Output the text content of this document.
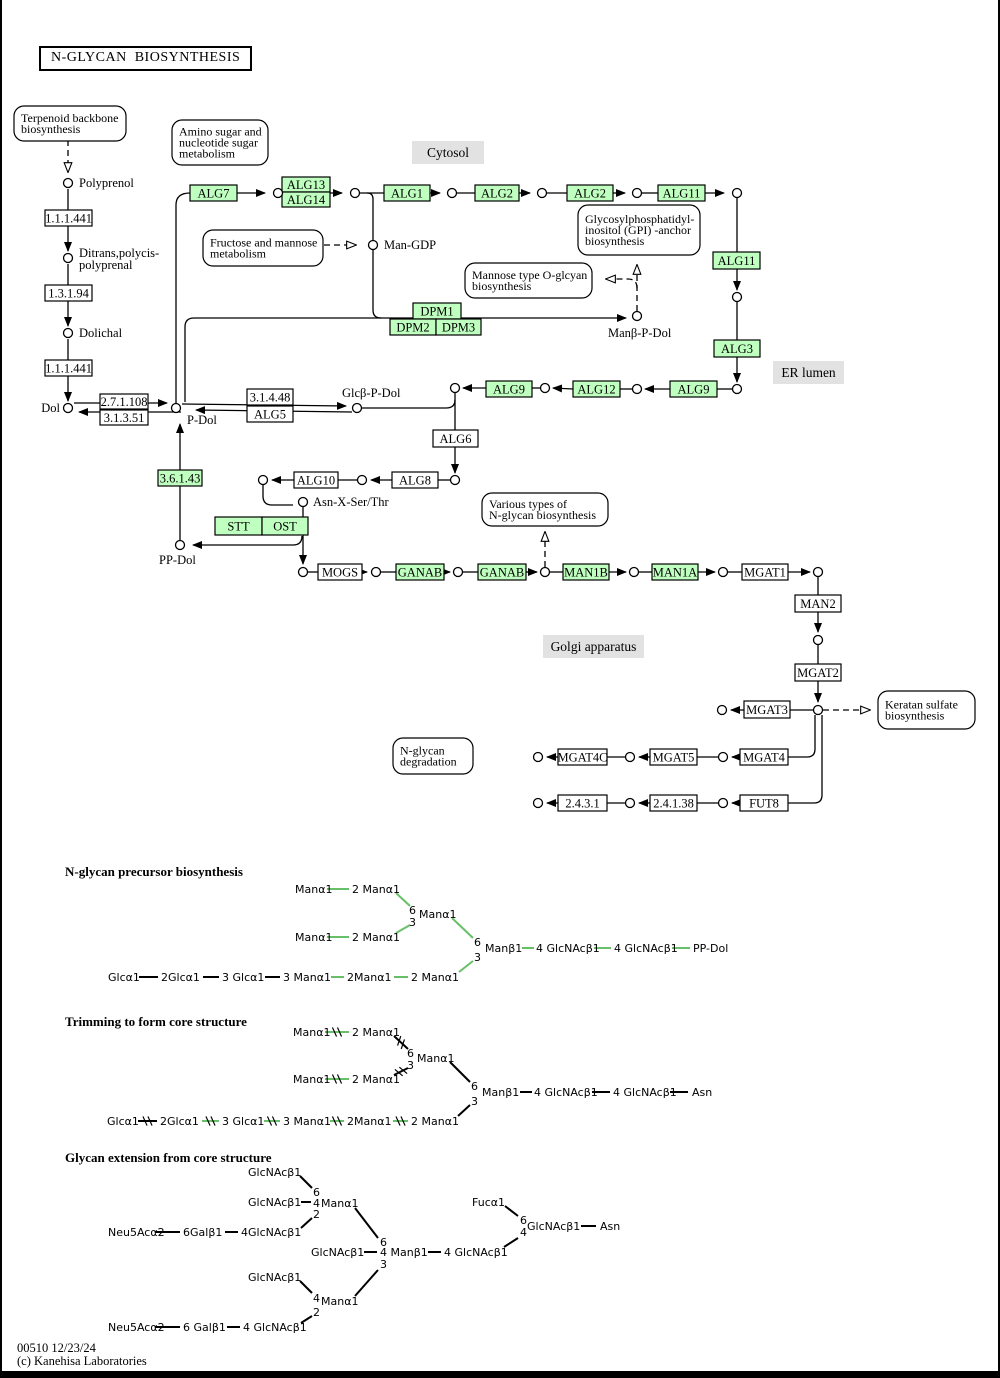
N-glycan precursor biosynthesis
Manα1 2 Manα1
6
3
Manα1
Manα1 2 Manα1	6
3
Manβ1
Glcα1 2Glcα1 3 Glcα1 3 Manα1 2Manα1 2 Manα1
4 GlcNAcβ1 4 GlcNAcβ1 PP-Dol
Trimming to form core structure
Manα1 2 Manα1
6
3
Manα1
Manα1 2 Manα1
6
3
Manβ1
Glcα1 2Glcα1 3 Glcα1 3 Manα1 2Manα1 2 Manα1
4 GlcNAcβ1 4 GlcNAcβ1 Asn
Glycan extension from core structure
GlcNAcβ1
GlcNAcβ1
6
4 Manα1
2
Neu5Acα2 6Galβ1 4GlcNAcβ1
GlcNAcβ1
6
4 Manβ1
3
4 GlcNAcβ1
Fucα1
6
4 GlcNAcβ1 Asn
GlcNAcβ1
4 Manα1
2
Neu5Acα2 6 Galβ1 4 GlcNAcβ1
Cytosol
ER lumen
Golgi apparatus
Terpenoid backbone
biosynthesis	Amino sugar and
nucleotide sugar
metabolism
Fructose and mannose
metabolism
Glycosylphosphatidyl-
inositol (GPI) -anchor
biosynthesis
Mannose type O-glcyan
biosynthesis
Various types of
N-glycan biosynthesis
Keratan sulfate
biosynthesis
N-glycan
degradation
ALG7
ALG13
ALG14	ALG1	ALG2	ALG2	ALG11
ALG11
ALG3
ALG9
ALG12
ALG9
DPM1
DPM2 DPM3
3.6.1.43
STT OST
GANAB	GANAB	MAN1B	MAN1A
1.1.1.441
1.3.1.94
1.1.1.441
2.7.1.108
3.1.3.51
3.1.4.48
ALG5
ALG6
ALG8
ALG10
MOGS	MGAT1
MAN2
MGAT2
MGAT3
MGAT4
MGAT5
MGAT4C
FUT8
2.4.1.38
2.4.3.1
Polyprenol
Ditrans,polycis-
polyprenal
Dolichal
Dol
P-Dol
Man-GDP
Manβ-P-Dol
Glcβ-P-Dol
Asn-X-Ser/Thr
PP-Dol
N-GLYCAN  BIOSYNTHESIS
00510 12/23/24
(c) Kanehisa Laboratories
